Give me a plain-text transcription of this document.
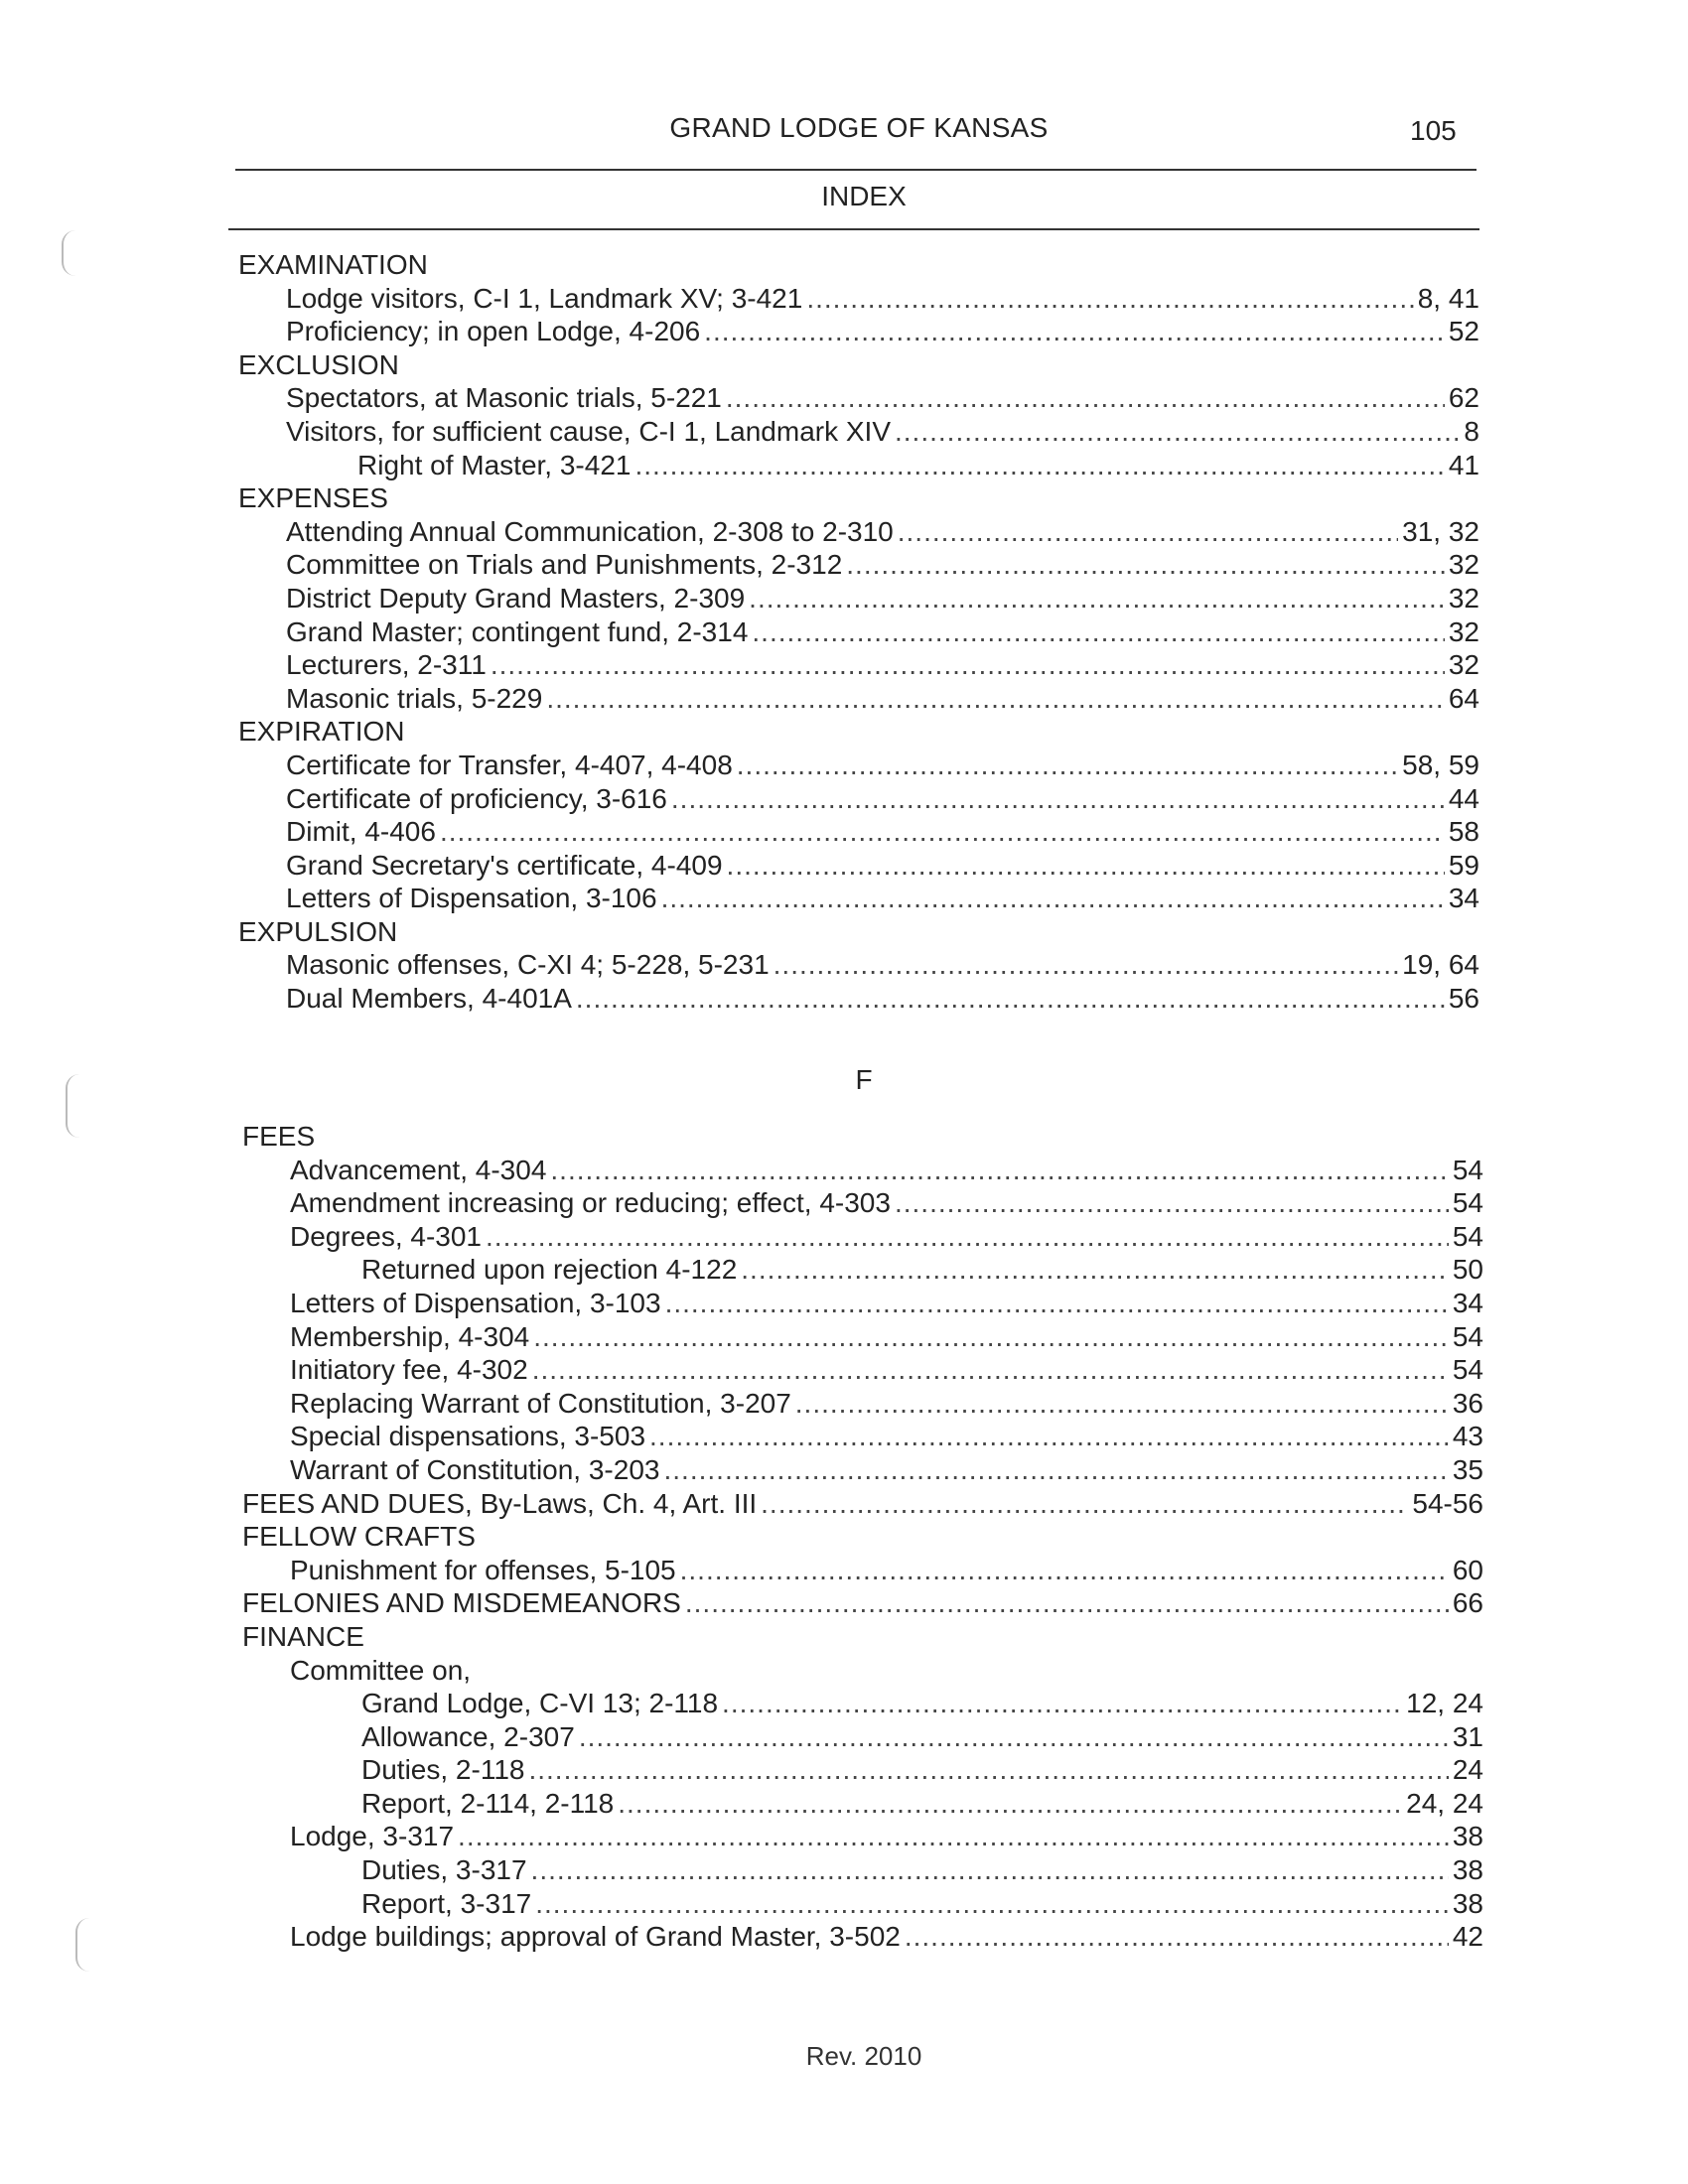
GRAND LODGE OF KANSAS	105
INDEX
EXAMINATION
Lodge visitors, C-I 1, Landmark XV; 3-421 .....	8, 41
Proficiency; in open Lodge, 4-206 .....	52
EXCLUSION
Spectators, at Masonic trials, 5-221 .....	62
Visitors, for sufficient cause, C-I 1, Landmark XIV .....	8
Right of Master, 3-421 .....	41
EXPENSES
Attending Annual Communication, 2-308 to 2-310 .....	31, 32
Committee on Trials and Punishments, 2-312 .....	32
District Deputy Grand Masters, 2-309 .....	32
Grand Master; contingent fund, 2-314 .....	32
Lecturers, 2-311 .....	32
Masonic trials, 5-229 .....	64
EXPIRATION
Certificate for Transfer, 4-407, 4-408 .....	58, 59
Certificate of proficiency, 3-616 .....	44
Dimit, 4-406 .....	58
Grand Secretary's certificate, 4-409 .....	59
Letters of Dispensation, 3-106 .....	34
EXPULSION
Masonic offenses, C-XI 4; 5-228, 5-231 .....	19, 64
Dual Members, 4-401A .....	56
F
FEES
Advancement, 4-304 .....	54
Amendment increasing or reducing; effect, 4-303 .....	54
Degrees, 4-301 .....	54
Returned upon rejection 4-122 .....	50
Letters of Dispensation, 3-103 .....	34
Membership, 4-304 .....	54
Initiatory fee, 4-302 .....	54
Replacing Warrant of Constitution, 3-207 .....	36
Special dispensations, 3-503 .....	43
Warrant of Constitution, 3-203 .....	35
FEES AND DUES, By-Laws, Ch. 4, Art. III .....	54-56
FELLOW CRAFTS
Punishment for offenses, 5-105 .....	60
FELONIES AND MISDEMEANORS .....	66
FINANCE
Committee on,
Grand Lodge, C-VI 13; 2-118 .....	12, 24
Allowance, 2-307 .....	31
Duties, 2-118 .....	24
Report, 2-114, 2-118 .....	24, 24
Lodge, 3-317 .....	38
Duties, 3-317 .....	38
Report, 3-317 .....	38
Lodge buildings; approval of Grand Master, 3-502 .....	42
Rev. 2010
